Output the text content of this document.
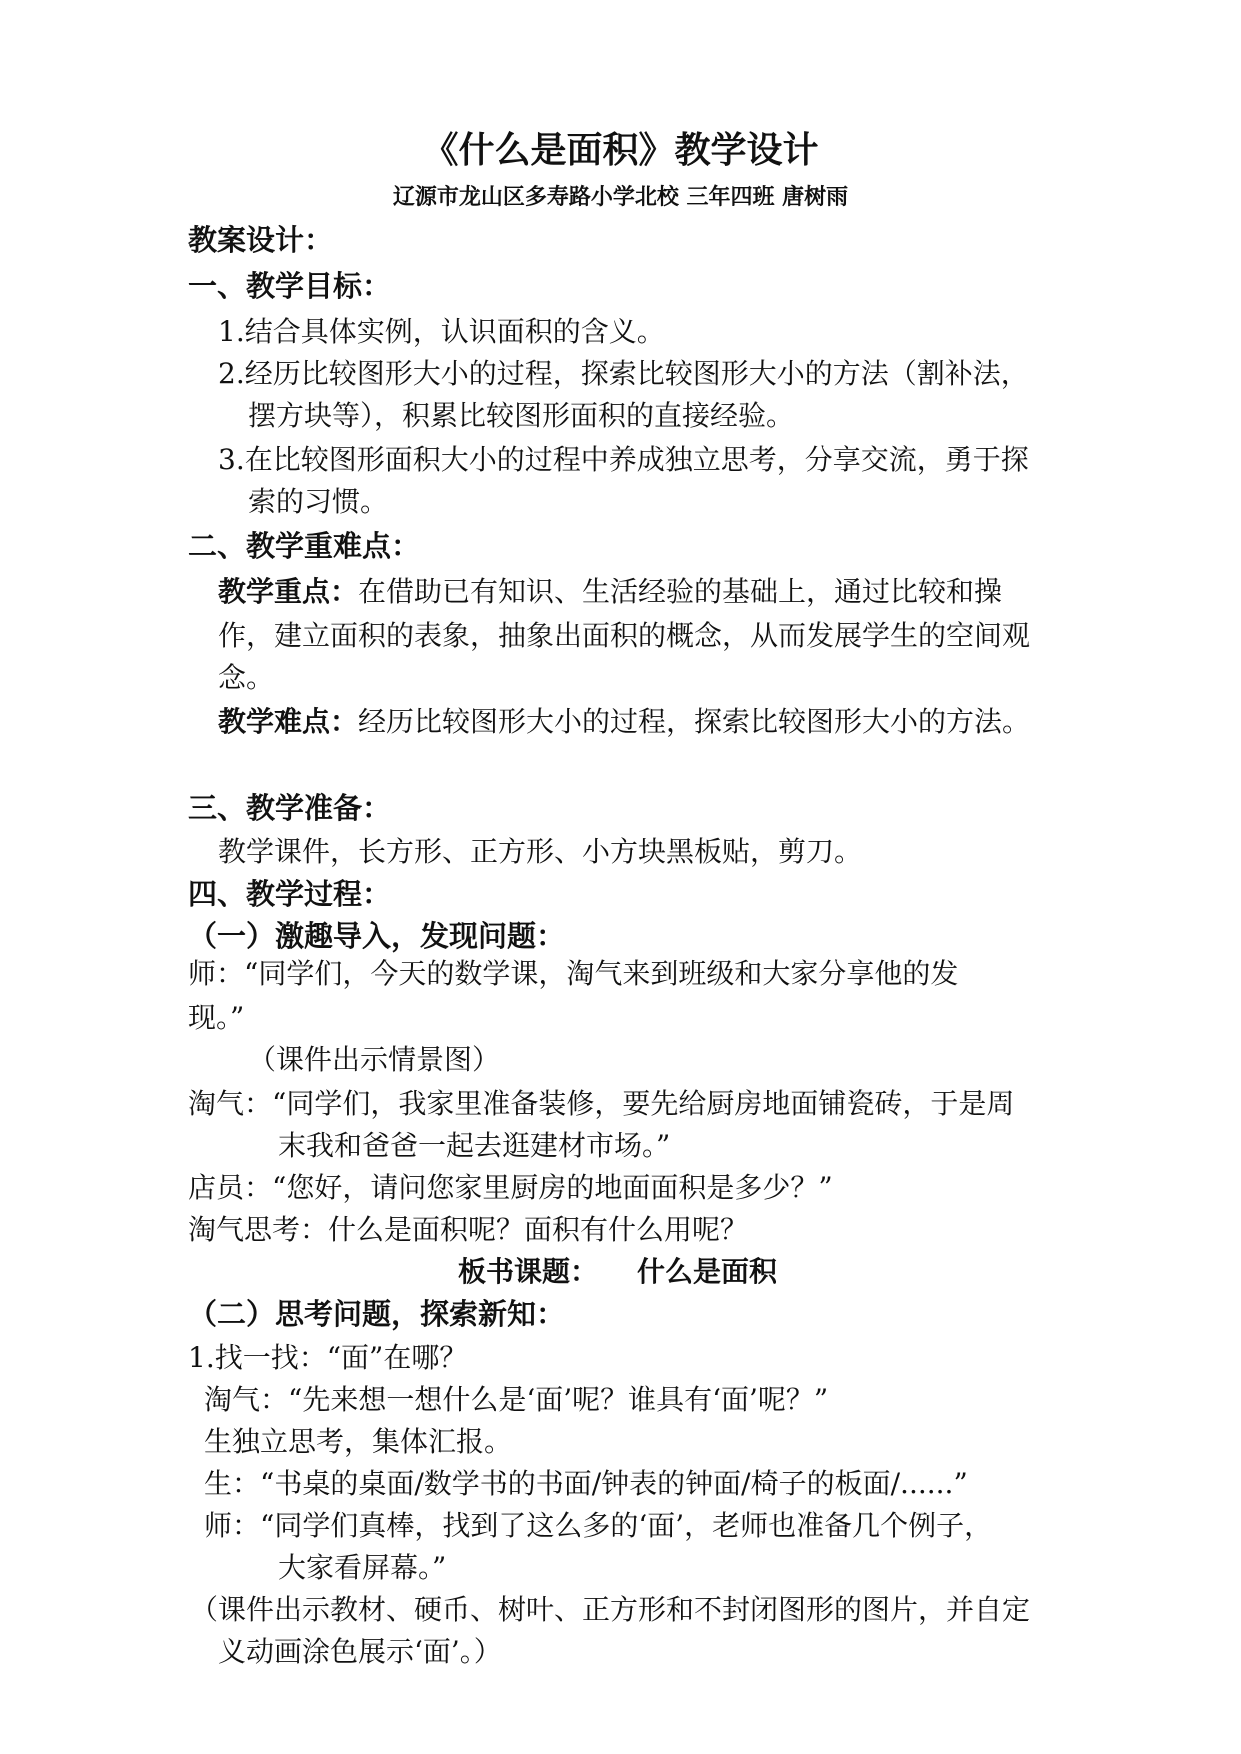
《什么是面积》教学设计
辽源市龙山区多寿路小学北校 三年四班 唐树雨
教案设计：
一、教学目标：
1.结合具体实例，认识面积的含义。
2.经历比较图形大小的过程，探索比较图形大小的方法（割补法，
摆方块等），积累比较图形面积的直接经验。
3.在比较图形面积大小的过程中养成独立思考，分享交流，勇于探
索的习惯。
二、教学重难点：
教学重点：在借助已有知识、生活经验的基础上，通过比较和操
作，建立面积的表象，抽象出面积的概念，从而发展学生的空间观
念。
教学难点：经历比较图形大小的过程，探索比较图形大小的方法。
三、教学准备：
教学课件，长方形、正方形、小方块黑板贴，剪刀。
四、教学过程：
（一）激趣导入，发现问题：
师：“同学们，今天的数学课，淘气来到班级和大家分享他的发
现。”
（课件出示情景图）
淘气：“同学们，我家里准备装修，要先给厨房地面铺瓷砖，于是周
末我和爸爸一起去逛建材市场。”
店员：“您好，请问您家里厨房的地面面积是多少？”
淘气思考：什么是面积呢？面积有什么用呢？
板书课题：    什么是面积
（二）思考问题，探索新知：
1.找一找：“面”在哪？
淘气：“先来想一想什么是‘面’呢？谁具有‘面’呢？”
生独立思考，集体汇报。
生：“书桌的桌面/数学书的书面/钟表的钟面/椅子的板面/......”
师：“同学们真棒，找到了这么多的‘面’，老师也准备几个例子，
大家看屏幕。”
（课件出示教材、硬币、树叶、正方形和不封闭图形的图片，并自定
义动画涂色展示‘面’。）
